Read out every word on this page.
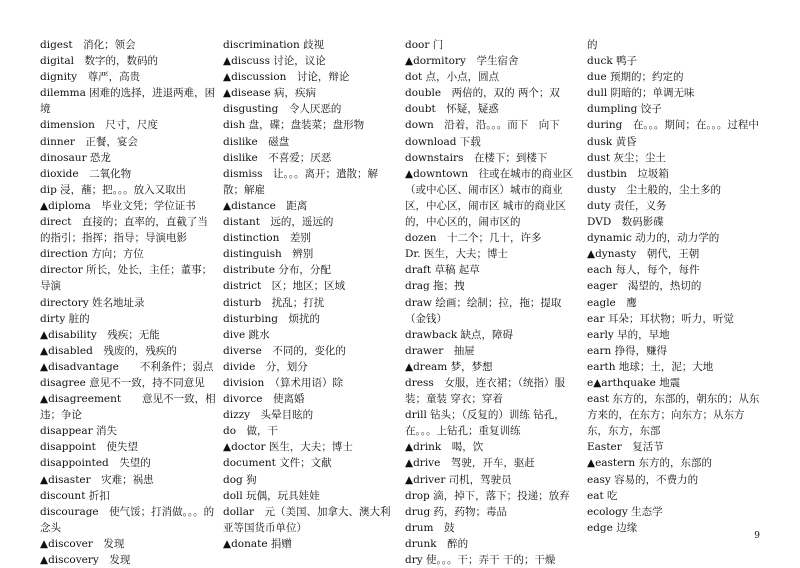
digest　消化；领会

digital　数字的，数码的

dignity　尊严，高贵

dilemma 困难的选择，进退两难，困境

dimension　尺寸，尺度

dinner　正餐，宴会

dinosaur 恐龙

dioxide　二氧化物

dip 浸，蘸；把。。。放入又取出

▲diploma　毕业文凭；学位证书

direct　直接的；直率的，直截了当的指引；指挥；指导；导演电影

direction 方向；方位

director 所长，处长，主任；董事；导演

directory 姓名地址录

dirty 脏的

▲disability　残疾；无能

▲disabled　残废的，残疾的

▲disadvantage　　不利条件；弱点

disagree 意见不一致，持不同意见

▲disagreement　　意见不一致，相违；争论

disappear 消失

disappoint　使失望

disappointed　失望的

▲disaster　灾难；祸患

discount 折扣

discourage　使气馁；打消做。。。的念头

▲discover　发现

▲discovery　发现

discrimination 歧视

▲discuss 讨论，议论

▲discussion　讨论，辩论

▲disease 病，疾病

disgusting　令人厌恶的

dish 盘，碟；盘装菜；盘形物

dislike　磁盘

dislike　不喜爱；厌恶

dismiss　让。。。离开；遣散；解散；解雇

▲distance　距离

distant　远的，遥远的

distinction　差别

distinguish　辨别

distribute 分布，分配

district　区；地区；区域

disturb　扰乱；打扰

disturbing　烦扰的

dive 跳水

diverse　不同的，变化的

divide　分，划分

division　（算术用语）除

divorce　使离婚

dizzy　头晕目眩的

do　做，干

▲doctor 医生，大夫；博士

document 文件；文献

dog 狗

doll 玩偶，玩具娃娃

dollar　元（美国、加拿大、澳大利亚等国货币单位）

▲donate 捐赠

door 门

▲dormitory　学生宿舍

dot 点，小点，圆点

double　两倍的，双的 两个；双

doubt　怀疑，疑惑

down　沿着，沿。。。而下　向下

download 下载

downstairs　在楼下；到楼下

▲downtown　往或在城市的商业区（或中心区、闹市区）城市的商业区，中心区，闹市区 城市的商业区的，中心区的，闹市区的

dozen　十二个；几十，许多

Dr. 医生，大夫；博士

draft 草稿 起草

drag 拖；拽

draw 绘画；绘制；拉，拖；提取（金钱）

drawback 缺点，障碍

drawer　抽屉

▲dream 梦，梦想

dress　女服，连衣裙；（统指）服装；童装 穿衣；穿着

drill 钻头；（反复的）训练 钻孔，在。。。上钻孔；重复训练

▲drink　喝，饮

▲drive　驾驶，开车，驱赶

▲driver 司机，驾驶员

drop 滴，掉下，落下；投递；放弃

drug 药，药物；毒品

drum　鼓

drunk　醉的

dry 使。。。干；弄干 干的；干燥

的

duck 鸭子

due 预期的；约定的

dull 阴暗的；单调无味

dumpling 饺子

during　在。。。期间；在。。。过程中

dusk 黄昏

dust 灰尘；尘土

dustbin　垃圾箱

dusty　尘土般的，尘土多的

duty 责任，义务

DVD　数码影碟

dynamic 动力的，动力学的

▲dynasty　朝代，王朝

each 每人，每个，每件

eager　渴望的，热切的

eagle　鹰

ear 耳朵；耳状物；听力，听觉

early 早的，早地

earn 挣得，赚得

earth 地球；土，泥；大地

e▲arthquake 地震

east 东方的，东部的，朝东的；从东方来的，在东方；向东方；从东方 东，东方，东部

Easter　复活节

▲eastern 东方的，东部的

easy 容易的，不费力的

eat 吃

ecology 生态学

edge 边缘

9
